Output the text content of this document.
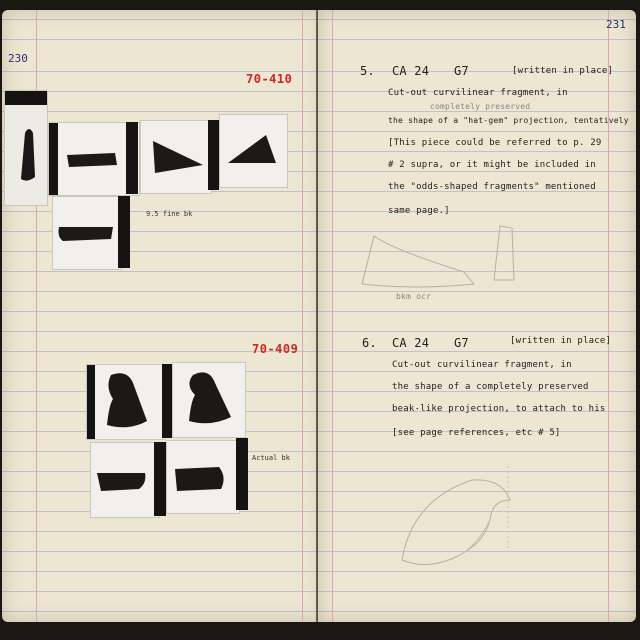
230
70-410
9.5 fine bk
70-409
Actual bk
231
5. CA 24 G7	[written in place]
Cut-out curvilinear fragment, in
completely preserved
the shape of a "hat-gem" projection, tentatively
[This piece could be referred to p. 29
# 2 supra, or it might be included in
the "odds-shaped fragments" mentioned
same page.]
bkm ocr
6. CA 24 G7	[written in place]
Cut-out curvilinear fragment, in
the shape of a completely preserved
beak-like projection, to attach to his
[see page references, etc # 5]
